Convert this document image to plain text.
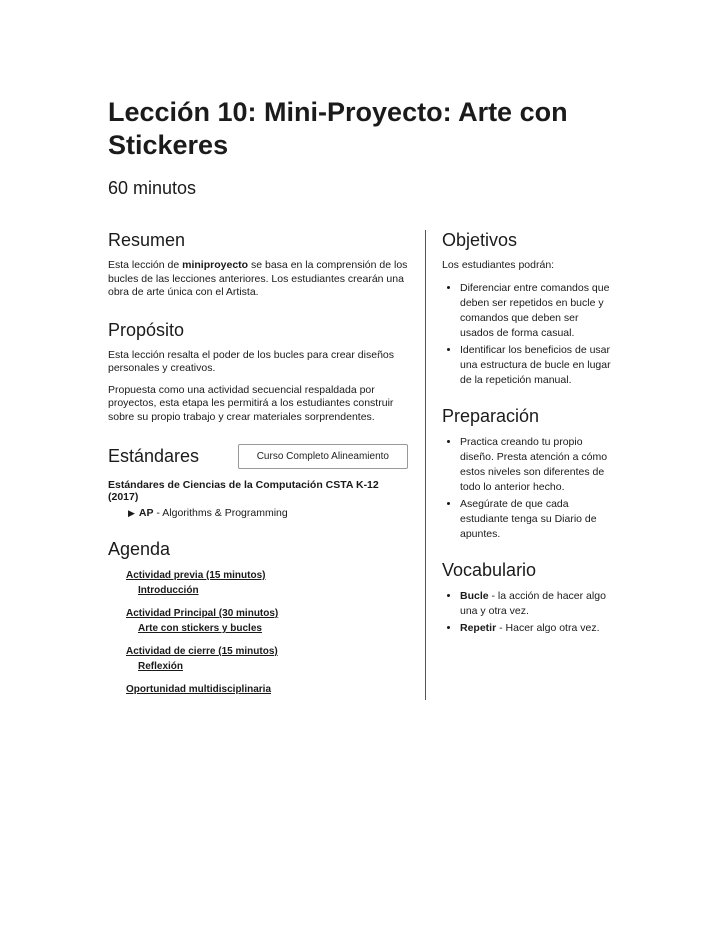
Lección 10: Mini-Proyecto: Arte con Stickeres
60 minutos
Resumen

Esta lección de miniproyecto se basa en la comprensión de los bucles de las lecciones anteriores. Los estudiantes crearán una obra de arte única con el Artista.

Propósito

Esta lección resalta el poder de los bucles para crear diseños personales y creativos.

Propuesta como una actividad secuencial respaldada por proyectos, esta etapa les permitirá a los estudiantes construir sobre su propio trabajo y crear materiales sorprendentes.

Estándares	Curso Completo Alineamiento
Estándares de Ciencias de la Computación CSTA K-12 (2017)
▶ AP - Algorithms & Programming
Agenda
Actividad previa (15 minutos)
Introducción
Actividad Principal (30 minutos)
Arte con stickers y bucles
Actividad de cierre (15 minutos)
Reflexión
Oportunidad multidisciplinaria
Objetivos

Los estudiantes podrán:

• Diferenciar entre comandos que deben ser repetidos en bucle y comandos que deben ser usados de forma casual.
• Identificar los beneficios de usar una estructura de bucle en lugar de la repetición manual.
Preparación
• Practica creando tu propio diseño. Presta atención a cómo estos niveles son diferentes de todo lo anterior hecho.
• Asegúrate de que cada estudiante tenga su Diario de apuntes.
Vocabulario
• Bucle - la acción de hacer algo una y otra vez.
• Repetir - Hacer algo otra vez.
